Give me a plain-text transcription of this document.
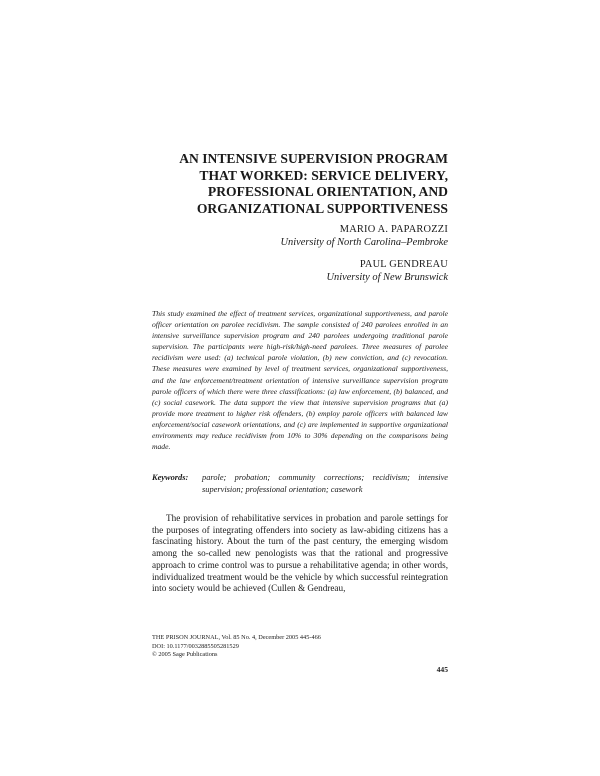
AN INTENSIVE SUPERVISION PROGRAM
THAT WORKED: SERVICE DELIVERY,
PROFESSIONAL ORIENTATION, AND
ORGANIZATIONAL SUPPORTIVENESS
MARIO A. PAPAROZZI
University of North Carolina–Pembroke
PAUL GENDREAU
University of New Brunswick

This study examined the effect of treatment services, organizational supportiveness, and parole officer orientation on parolee recidivism. The sample consisted of 240 parolees enrolled in an intensive surveillance supervision program and 240 parolees undergoing traditional parole supervision. The participants were high-risk/high-need parolees. Three measures of parolee recidivism were used: (a) technical parole violation, (b) new conviction, and (c) revocation. These measures were examined by level of treatment services, organizational supportiveness, and the law enforcement/treatment orientation of intensive surveillance supervision program parole officers of which there were three classifications: (a) law enforcement, (b) balanced, and (c) social casework. The data support the view that intensive supervision programs that (a) provide more treatment to higher risk offenders, (b) employ parole officers with balanced law enforcement/social casework orientations, and (c) are implemented in supportive organizational environments may reduce recidivism from 10% to 30% depending on the comparisons being made.

Keywords: parole; probation; community corrections; recidivism; intensive supervision; professional orientation; casework

The provision of rehabilitative services in probation and parole settings for the purposes of integrating offenders into society as law-abiding citizens has a fascinating history. About the turn of the past century, the emerging wisdom among the so-called new penologists was that the rational and progressive approach to crime control was to pursue a rehabilitative agenda; in other words, individualized treatment would be the vehicle by which successful reintegration into society would be achieved (Cullen & Gendreau,

THE PRISON JOURNAL, Vol. 85 No. 4, December 2005 445-466
DOI: 10.1177/0032885505281529
© 2005 Sage Publications
445
